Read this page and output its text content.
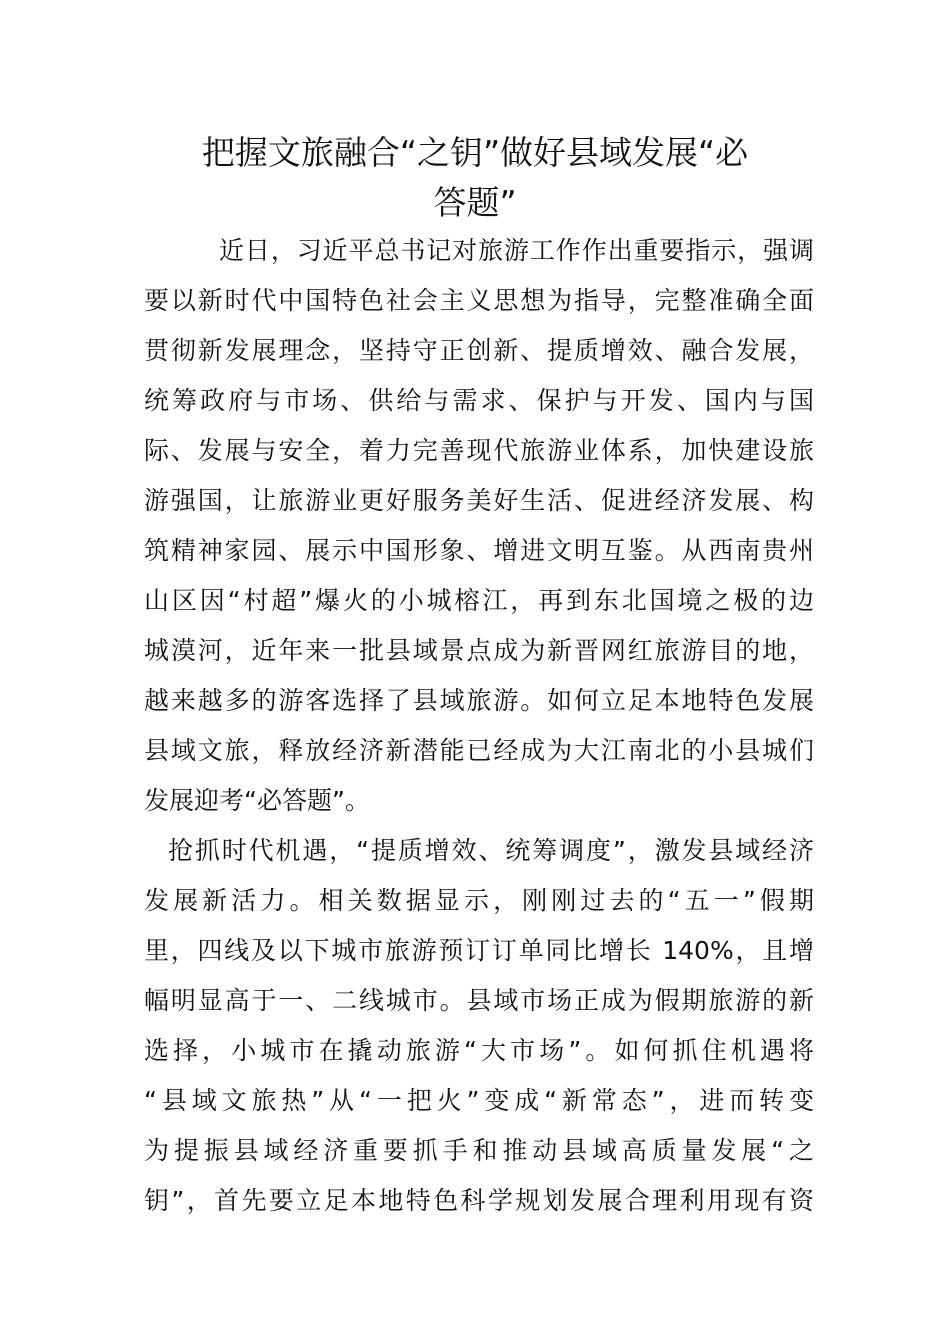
把握文旅融合“之钥”做好县域发展“必
答题”
近日，习近平总书记对旅游工作作出重要指示，强调
要以新时代中国特色社会主义思想为指导，完整准确全面
贯彻新发展理念，坚持守正创新、提质增效、融合发展，
统筹政府与市场、供给与需求、保护与开发、国内与国
际、发展与安全，着力完善现代旅游业体系，加快建设旅
游强国，让旅游业更好服务美好生活、促进经济发展、构
筑精神家园、展示中国形象、增进文明互鉴。从西南贵州
山区因“村超”爆火的小城榕江，再到东北国境之极的边
城漠河，近年来一批县域景点成为新晋网红旅游目的地，
越来越多的游客选择了县域旅游。如何立足本地特色发展
县域文旅，释放经济新潜能已经成为大江南北的小县城们
发展迎考“必答题”。
抢抓时代机遇，“提质增效、统筹调度”，激发县域经济
发展新活力。相关数据显示，刚刚过去的“五一”假期
里，四线及以下城市旅游预订订单同比增长 140%，且增
幅明显高于一、二线城市。县域市场正成为假期旅游的新
选择，小城市在撬动旅游“大市场”。如何抓住机遇将
“县域文旅热”从“一把火”变成“新常态”，进而转变
为提振县域经济重要抓手和推动县域高质量发展“之
钥”，首先要立足本地特色科学规划发展合理利用现有资
